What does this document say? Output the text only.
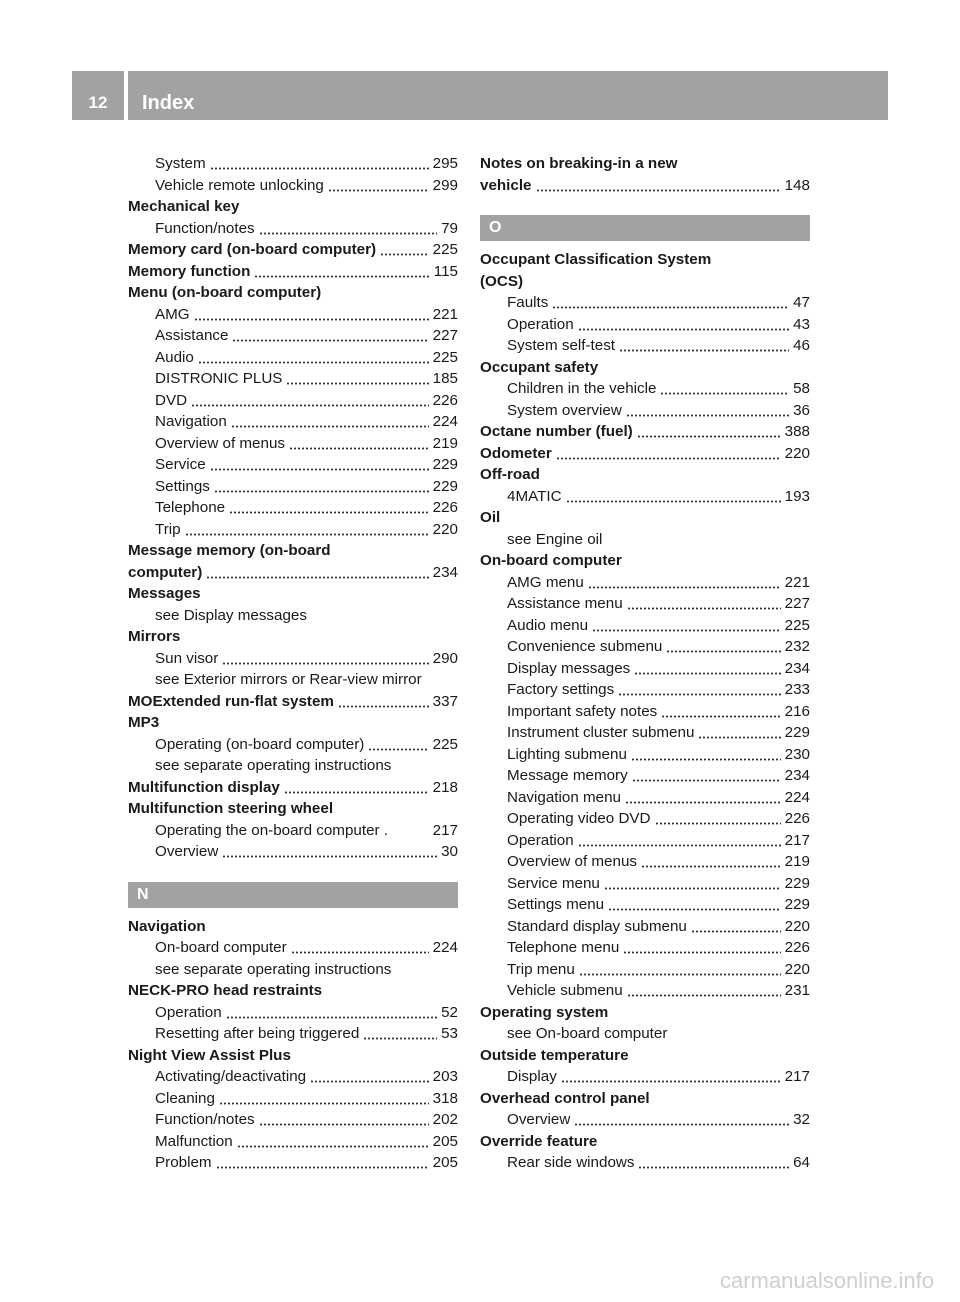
12	Index
System	295
Vehicle remote unlocking	299
Mechanical key
Function/notes	79
Memory card (on-board computer)	225
Memory function	115
Menu (on-board computer)
AMG	221
Assistance	227
Audio	225
DISTRONIC PLUS	185
DVD	226
Navigation	224
Overview of menus	219
Service	229
Settings	229
Telephone	226
Trip	220
Message memory (on-board
computer)	234
Messages
see Display messages
Mirrors
Sun visor	290
see Exterior mirrors or Rear-view mirror
MOExtended run-flat system	337
MP3
Operating (on-board computer)	225
see separate operating instructions
Multifunction display	218
Multifunction steering wheel
Operating the on-board computer .	217
Overview	30
N
Navigation
On-board computer	224
see separate operating instructions
NECK-PRO head restraints
Operation	52
Resetting after being triggered	53
Night View Assist Plus
Activating/deactivating	203
Cleaning	318
Function/notes	202
Malfunction	205
Problem	205
Notes on breaking-in a new
vehicle	148
O
Occupant Classification System
(OCS)
Faults	47
Operation	43
System self-test	46
Occupant safety
Children in the vehicle	58
System overview	36
Octane number (fuel)	388
Odometer	220
Off-road
4MATIC	193
Oil
see Engine oil
On-board computer
AMG menu	221
Assistance menu	227
Audio menu	225
Convenience submenu	232
Display messages	234
Factory settings	233
Important safety notes	216
Instrument cluster submenu	229
Lighting submenu	230
Message memory	234
Navigation menu	224
Operating video DVD	226
Operation	217
Overview of menus	219
Service menu	229
Settings menu	229
Standard display submenu	220
Telephone menu	226
Trip menu	220
Vehicle submenu	231
Operating system
see On-board computer
Outside temperature
Display	217
Overhead control panel
Overview	32
Override feature
Rear side windows	64
carmanualsonline.info
